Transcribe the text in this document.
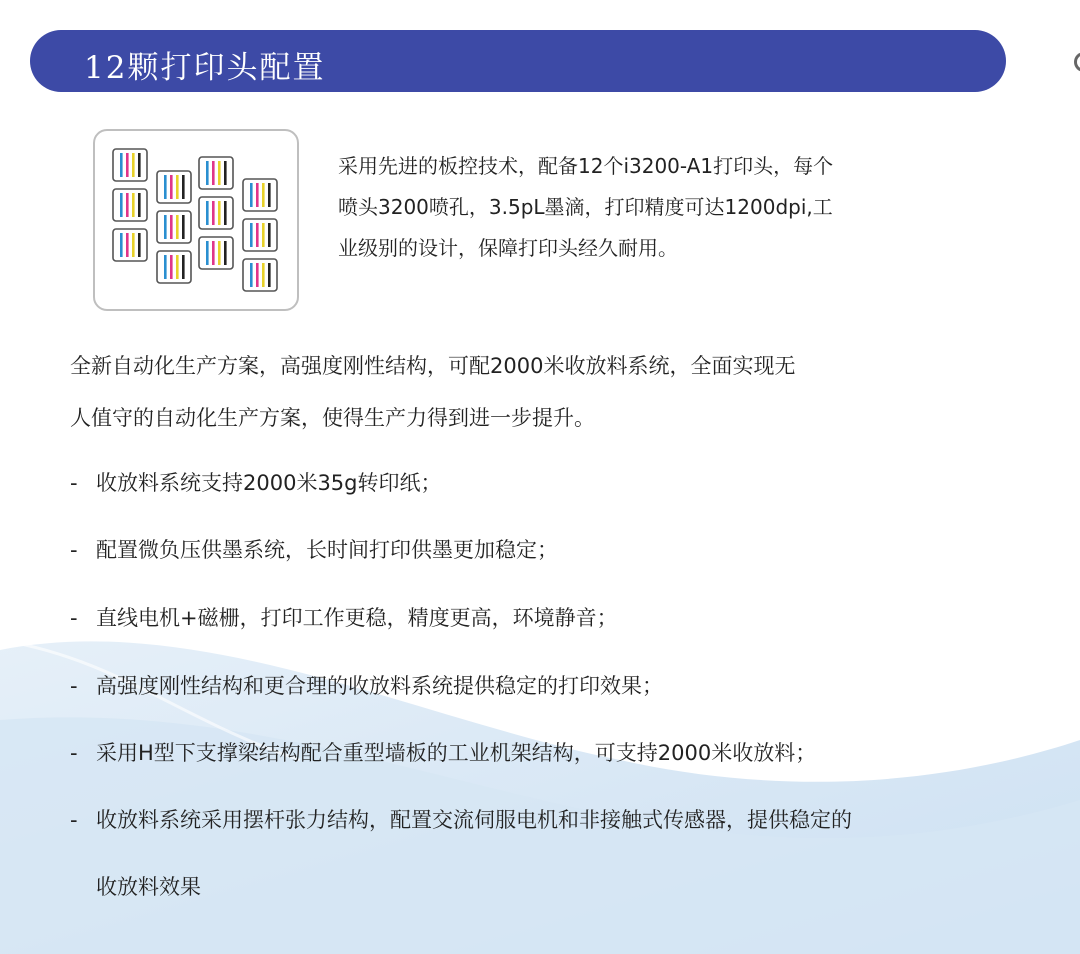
12颗打印头配置

采用先进的板控技术，配备12个i3200-A1打印头，每个

喷头3200喷孔，3.5pL墨滴，打印精度可达1200dpi,工

业级别的设计，保障打印头经久耐用。

全新自动化生产方案，高强度刚性结构，可配2000米收放料系统，全面实现无

人值守的自动化生产方案，使得生产力得到进一步提升。

- 收放料系统支持2000米35g转印纸；
- 配置微负压供墨系统，长时间打印供墨更加稳定；
- 直线电机+磁栅，打印工作更稳，精度更高，环境静音；
- 高强度刚性结构和更合理的收放料系统提供稳定的打印效果；
- 采用H型下支撑梁结构配合重型墙板的工业机架结构，可支持2000米收放料；
- 收放料系统采用摆杆张力结构，配置交流伺服电机和非接触式传感器，提供稳定的
收放料效果
